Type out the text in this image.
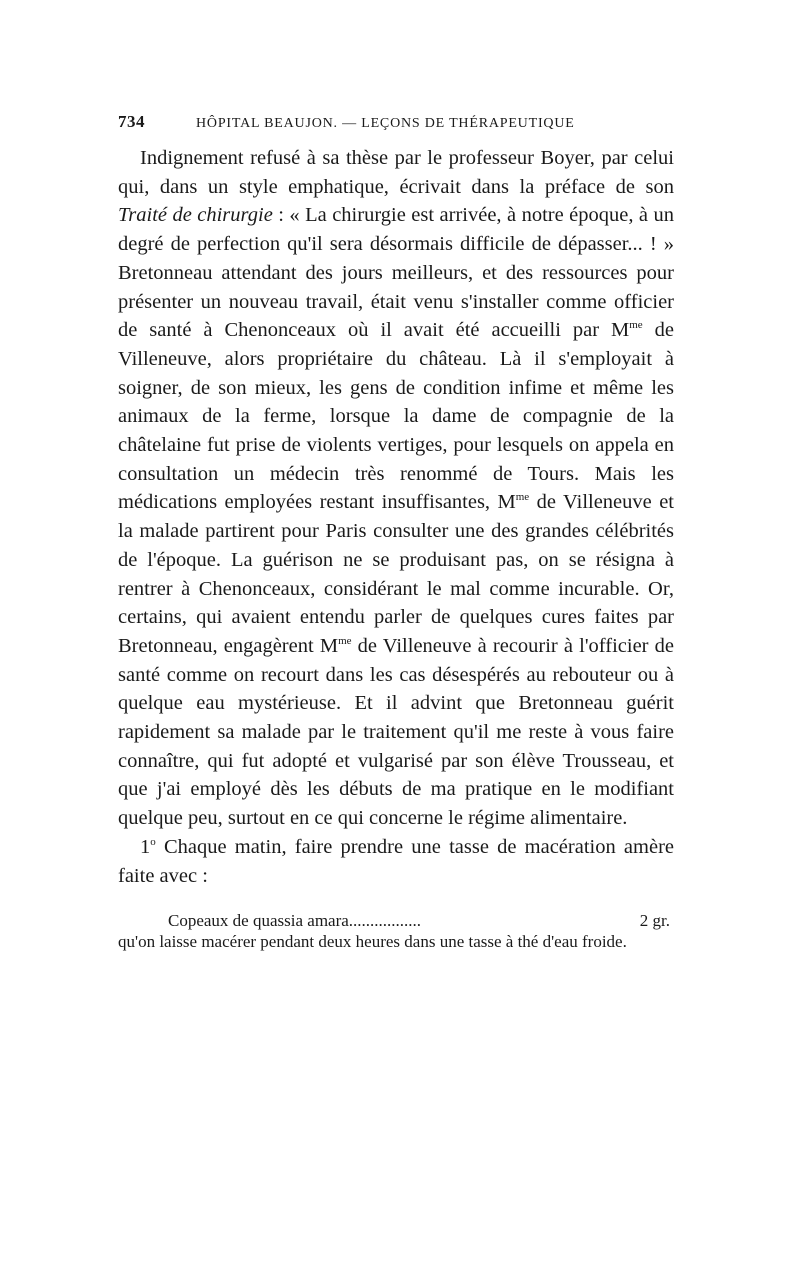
734	HÔPITAL BEAUJON. — LEÇONS DE THÉRAPEUTIQUE

Indignement refusé à sa thèse par le professeur Boyer, par celui qui, dans un style emphatique, écrivait dans la préface de son Traité de chirurgie : « La chirurgie est arrivée, à notre époque, à un degré de perfection qu'il sera désormais difficile de dépasser... ! » Bretonneau attendant des jours meilleurs, et des ressources pour présenter un nouveau travail, était venu s'installer comme officier de santé à Chenonceaux où il avait été accueilli par $M^{me}$ de Villeneuve, alors propriétaire du château. Là il s'employait à soigner, de son mieux, les gens de condition infime et même les animaux de la ferme, lorsque la dame de compagnie de la châtelaine fut prise de violents vertiges, pour lesquels on appela en consultation un médecin très renommé de Tours. Mais les médications employées restant insuffisantes, $M^{me}$ de Villeneuve et la malade partirent pour Paris consulter une des grandes célébrités de l'époque. La guérison ne se produisant pas, on se résigna à rentrer à Chenonceaux, considérant le mal comme incurable. Or, certains, qui avaient entendu parler de quelques cures faites par Bretonneau, engagèrent $M^{me}$ de Villeneuve à recourir à l'officier de santé comme on recourt dans les cas désespérés au rebouteur ou à quelque eau mystérieuse. Et il advint que Bretonneau guérit rapidement sa malade par le traitement qu'il me reste à vous faire connaître, qui fut adopté et vulgarisé par son élève Trousseau, et que j'ai employé dès les débuts de ma pratique en le modifiant quelque peu, surtout en ce qui concerne le régime alimentaire.

1$^o$ Chaque matin, faire prendre une tasse de macération amère faite avec :

Copeaux de quassia amara.................	2 gr.
qu'on laisse macérer pendant deux heures dans une tasse à thé d'eau froide.
